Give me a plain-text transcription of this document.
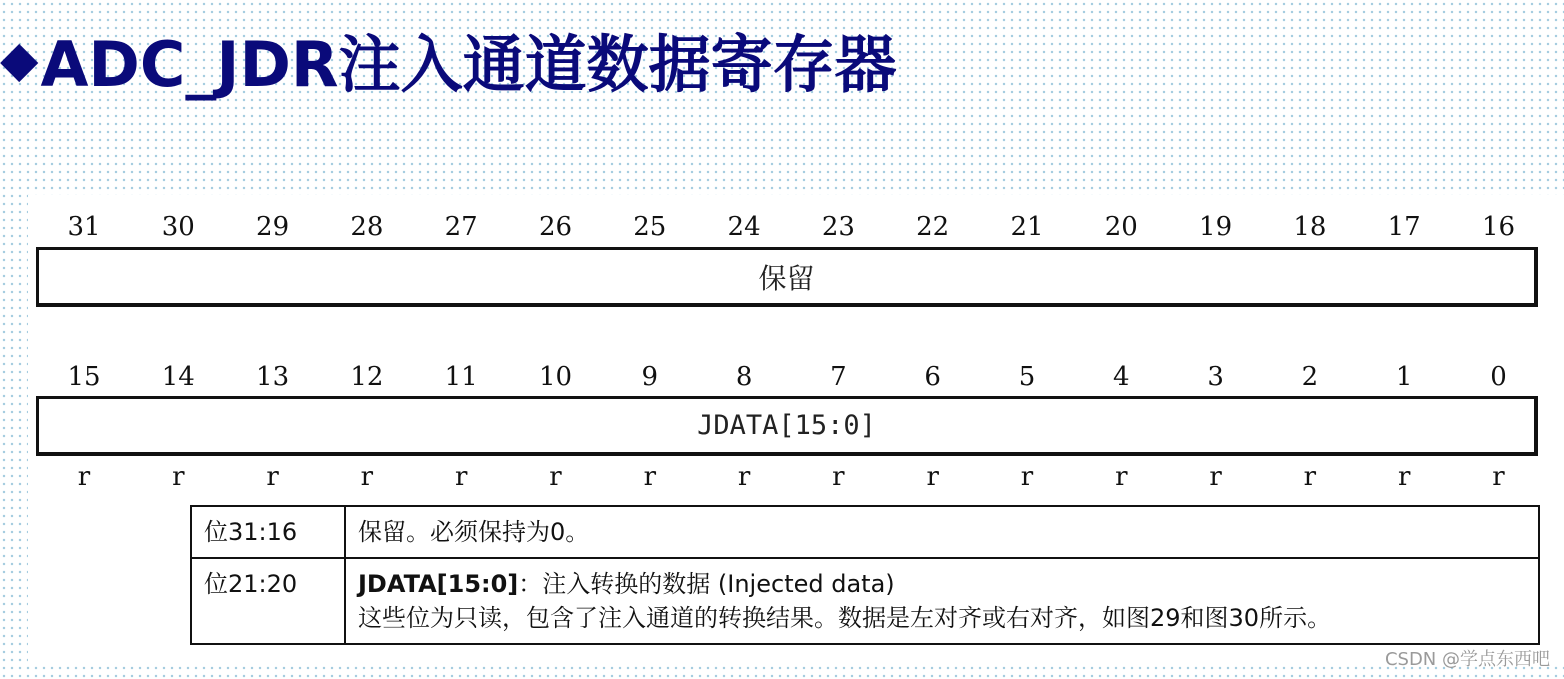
◆ ADC_JDR注入通道数据寄存器
31	30	29	28	27	26	25	24	23	22	21	20	19	18	17	16
保留
15	14	13	12	11	10	9	8	7	6	5	4	3	2	1	0
JDATA[15:0]
r	r	r	r	r	r	r	r	r	r	r	r	r	r	r	r
位31:16	保留。必须保持为0。
位21:20	JDATA[15:0]：注入转换的数据 (Injected data)
这些位为只读，包含了注入通道的转换结果。数据是左对齐或右对齐，如图29和图30所示。
CSDN @学点东西吧
